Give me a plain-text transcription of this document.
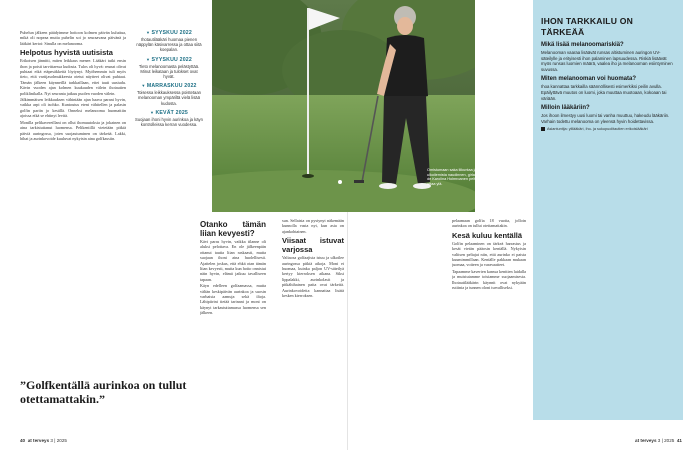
Puhelun jälkeen päädyimme hoitoon kolmen päivän kuluttua, mikä oli nopeaa mutta puhelin soi jo seuraavana päivänä ja lääkäri kertoi: Sinulla on melanooma.

Helpotus hyvistä uutisista

Erikoisen jännitti, miten leikkaus menee. Lääkäri tutki ensin ihon ja poisti tarvittaessa kudosta. Tulos oli hyvä: reunat olivat puhtaat eikä etäpesäkkeitä löytynyt. Myöhemmin tuli myös tieto, että vartijasolmukkeesta otetut näytteet olivat puhtaat. Tämän jälkeen käynneillä tarkkaillaan, ettei tauti uusiudu. Kävin vuoden ajan kolmen kuukauden välein ihotautien poliklinikalla. Nyt seuranta jatkuu puolen vuoden välein.

Jälkimmäisen leikkauksen vähintään ajan haava parani hyvin, vaikka arpi oli isohko. Kuntoutus eteni vähitellen ja palasin golfin pariin jo kesällä. Onneksi melanooma huomattiin ajoissa eikä se ehtinyt levitä.

Monilla pelikavereillani on ollut ihomuutoksia ja jokainen on aina tarkistuttanut luomensa. Pelikentillä vietetään pitkiä päiviä auringossa, joten suojautuminen on tärkeää. Lakki, hihat ja aurinkovoide kuuluvat nykyisin aina golfkassiin.

▼ SYYSKUU 2022
Ihotautilääkäri huomaa pienen näppylän käsivarressa ja ottaa siitä koepalan.
▼ SYYSKUU 2022
Tieto melanoomasta pelästyttää. Minut leikataan ja tulokset ovat hyvät.
▼ MARRASKUU 2022
Toisessa leikkauksessa poistetaan melanooman ympäriltä vielä lisää kudosta.
▼ KEVÄT 2025
Suojaan ihoni hyvin aurinkoa ja käyn kontrolleissa kerran vuodessa.
Otanko tämän liian kevyesti?

Kävi paras hyvin, vaikka tilanne oli aluksi pelottava. En ole jälkeenpäin ottanut tautia liian raskaasti, mutta suojaan ihoni aina huolellisesti. Ajattelen joskus, että ehkä otan tämän liian kevyesti, mutta kun hoito onnistui näin hyvin, elämä jatkuu tavalliseen tapaan.

Käyn edelleen golfaamassa, mutta vältän keskipäivän aurinkoa ja suosin varhaisia aamuja sekä iltoja. Lähipiirini tietää tarinani ja moni on käynyt tarkastuttamassa luomensa sen jälkeen.

”Golfkentällä aurinkoa on tullut otettamattakin.”
40 at terveys 3 | 2025
Omistumaan saka liikuntaa ja ulkoilemista naudinnen, girla de Karolina Holmroanen pelt ottaa ylä.

sun. Sellaista on pystynyt näkemään kunnolla vasta nyt, kun asia on ajankohtainen.

Viisaat istuvat varjossa

Valtaosa golfaajista istuu ja ulkoilee auringossa pitkiä aikoja. Moni ei huomaa, kuinka paljon UV-säteilyä kertyy kierroksen aikana. Siksi lippalakki, aurinkolasit ja pitkähihainen paita ovat tärkeitä. Aurinkovoidetta kannattaa lisätä kesken kierroksen.

pelaamaan golfia 18 vuotta, jolloin aurinkoa on tullut otettamattakin.

Kesä kuluu kentällä

Golfin pelaaminen on tärkeä harrastus ja kesät vietän pääosin kentällä. Nykyisin valitsen peliajat niin, että aurinko ei paista kuumimmillaan. Kentälle pakkaan mukaan juomaa, voiteen ja varavaatteet.

Tapaamme kaverien kanssa kenttien laidalla ja muistutamme toisiamme suojaamisesta. Ihotautilääkärin käynnit ovat nykyään rutiinia ja tunnen oloni turvalliseksi.

IHON TARKKAILU ON TÄRKEÄÄ
Mikä lisää melanoomariskiä?
Melanooman vaaraa lisäävät runsas altistuminen auringon UV-säteilylle ja erityisesti ihon palaminen lapsuudessa. Riskiä lisäävät myös runsas luomien määrä, vaalea iho ja melanooman esiintyminen suvussa.
Miten melanooman voi huomata?
Ihoa kannattaa tarkkailla säännöllisesti esimerkiksi peilin avulla. Epäilyttävä muutos on luomi, joka muuttaa muotoaan, kokoaan tai väriään.
Milloin lääkäriin?
Jos ihoon ilmestyy uusi luomi tai vanha muuttuu, hakeudu lääkäriin. Varhain todettu melanooma on yleensä hyvin hoidettavissa.
Asiantuntija: ylilääkäri, iho- ja sukupuolitautien erikoislääkäri
at terveys 3 | 2025 41
